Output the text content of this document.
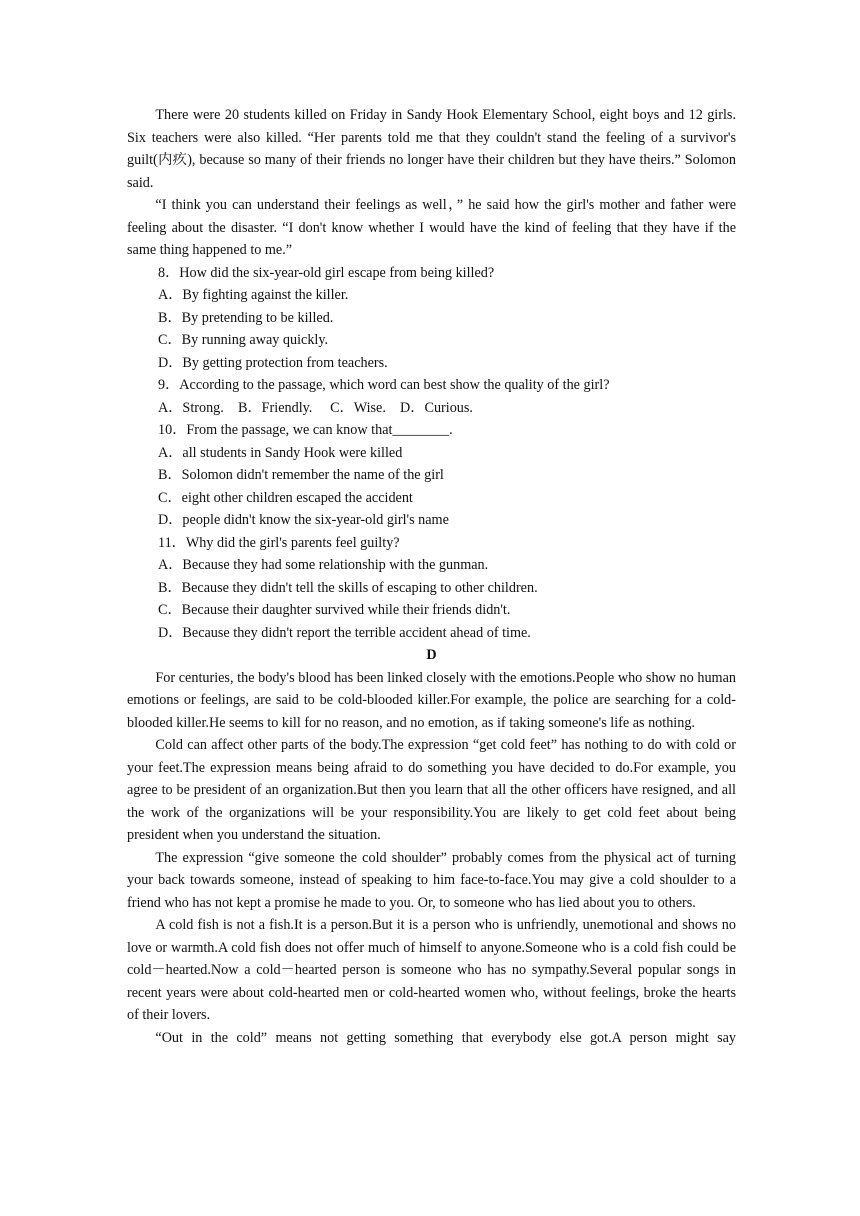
There were 20 students killed on Friday in Sandy Hook Elementary School, eight boys and 12 girls. Six teachers were also killed. “Her parents told me that they couldn't stand the feeling of a survivor's guilt(内疚), because so many of their friends no longer have their children but they have theirs.” Solomon said.

“I think you can understand their feelings as well，” he said how the girl's mother and father were feeling about the disaster. “I don't know whether I would have the kind of feeling that they have if the same thing happened to me.”

8．How did the six-year-old girl escape from being killed?

A．By fighting against the killer.

B．By pretending to be killed.

C．By running away quickly.

D．By getting protection from teachers.

9．According to the passage, which word can best show the quality of the girl?

A．Strong.　B．Friendly.　 C．Wise.　D．Curious.

10．From the passage, we can know that________.

A．all students in Sandy Hook were killed

B．Solomon didn't remember the name of the girl

C．eight other children escaped the accident

D．people didn't know the six-year-old girl's name

11．Why did the girl's parents feel guilty?

A．Because they had some relationship with the gunman.

B．Because they didn't tell the skills of escaping to other children.

C．Because their daughter survived while their friends didn't.

D．Because they didn't report the terrible accident ahead of time.

D

For centuries, the body's blood has been linked closely with the emotions.People who show no human emotions or feelings, are said to be cold-blooded killer.For example, the police are searching for a cold-blooded killer.He seems to kill for no reason, and no emotion, as if taking someone's life as nothing.

Cold can affect other parts of the body.The expression “get cold feet” has nothing to do with cold or your feet.The expression means being afraid to do something you have decided to do.For example, you agree to be president of an organization.But then you learn that all the other officers have resigned, and all the work of the organizations will be your responsibility.You are likely to get cold feet about being president when you understand the situation.

The expression “give someone the cold shoulder” probably comes from the physical act of turning your back towards someone, instead of speaking to him face-to-face.You may give a cold shoulder to a friend who has not kept a promise he made to you. Or, to someone who has lied about you to others.

A cold fish is not a fish.It is a person.But it is a person who is unfriendly, unemotional and shows no love or warmth.A cold fish does not offer much of himself to anyone.Someone who is a cold fish could be cold－hearted.Now a cold－hearted person is someone who has no sympathy.Several popular songs in recent years were about cold-hearted men or cold-hearted women who, without feelings, broke the hearts of their lovers.

“Out in the cold” means not getting something that everybody else got.A person might say
